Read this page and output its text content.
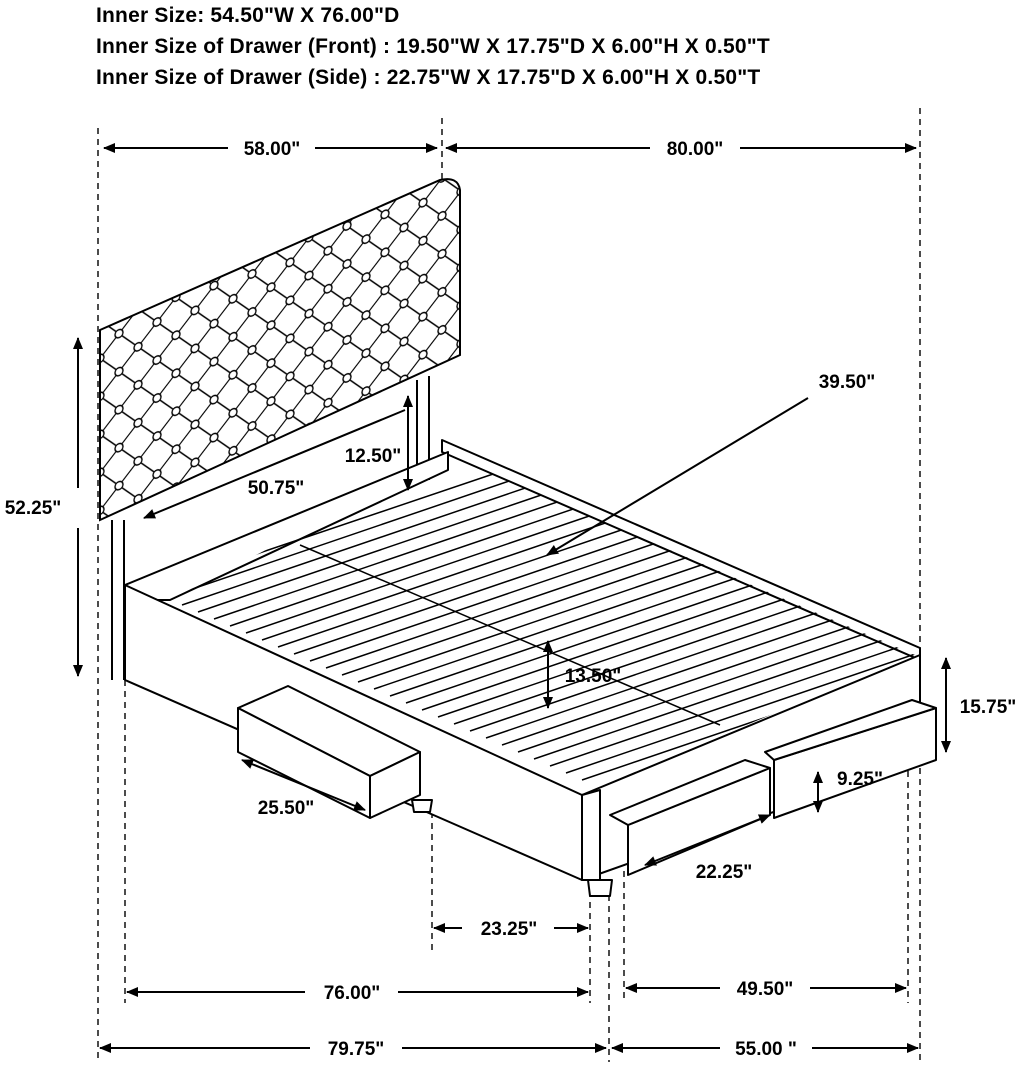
Inner Size: 54.50"W X 76.00"D
Inner Size of Drawer (Front) : 19.50"W X 17.75"D X 6.00"H X 0.50"T
Inner Size of Drawer (Side) : 22.75"W X 17.75"D X 6.00"H X 0.50"T
58.00"	80.00"
39.50"
52.25"
12.50"
50.75"
13.50"
15.75"
25.50"
9.25"
22.25"
23.25"
76.00"	49.50"
79.75"	55.00 "
